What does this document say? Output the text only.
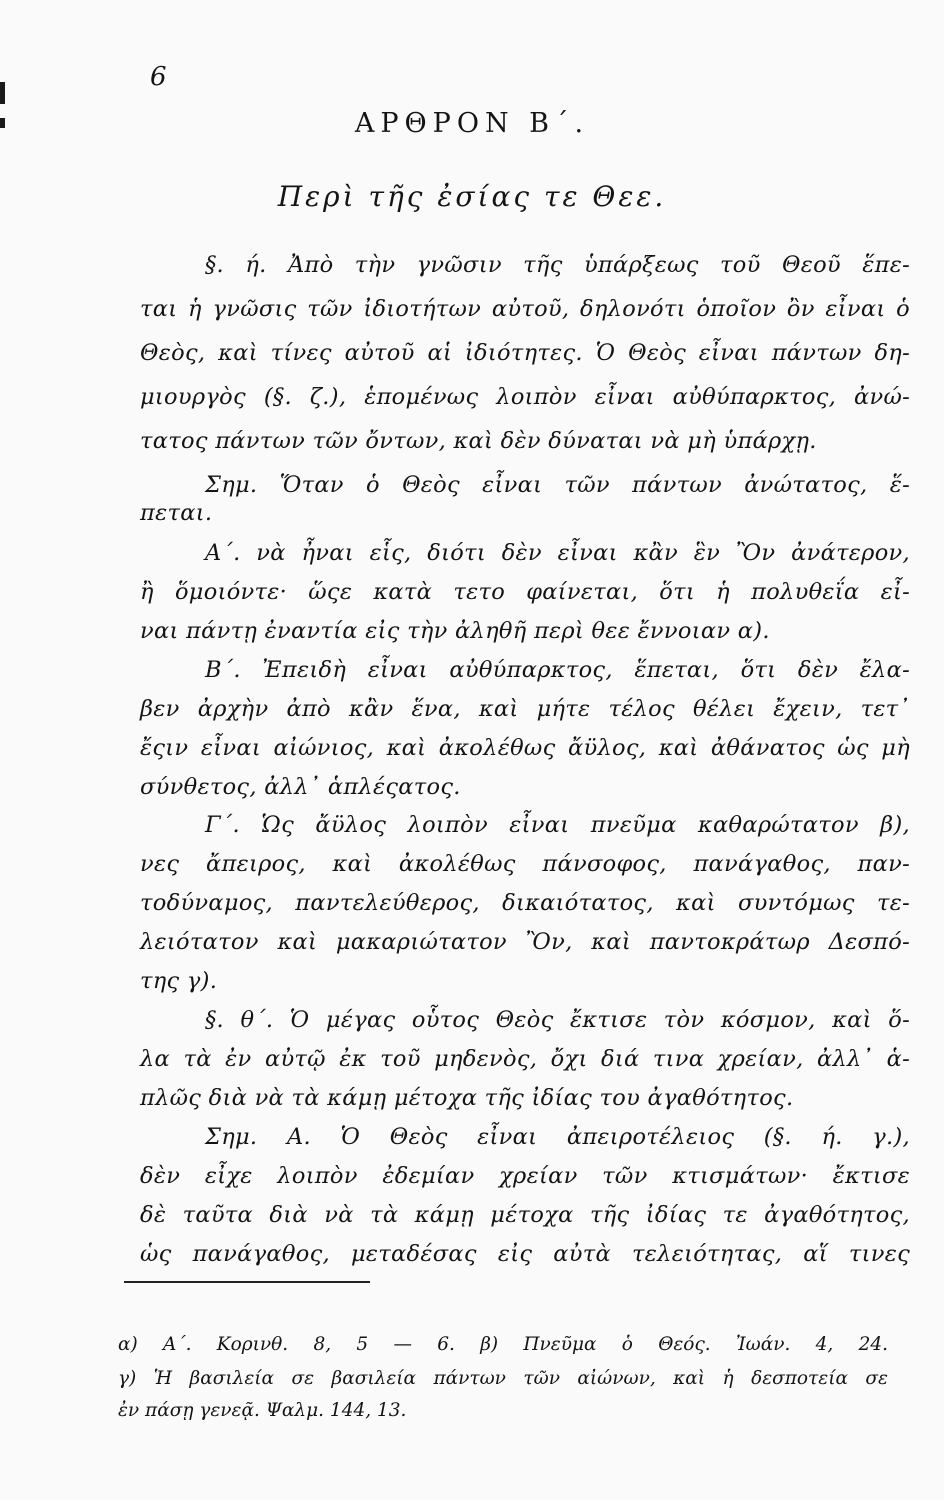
6
ΑΡΘΡΟΝ Β΄.
Περὶ τῆς ἐσίας τε Θεε.
§. ή. Ἀπὸ τὴν γνῶσιν τῆς ὑπάρξεως τοῦ Θεοῦ ἕπε-
ται ἡ γνῶσις τῶν ἰδιοτήτων αὐτοῦ, δηλονότι ὁποῖον ὂν εἶναι ὁ
Θεὸς, καὶ τίνες αὐτοῦ αἱ ἰδιότητες. Ὁ Θεὸς εἶναι πάντων δη-
μιουργὸς (§. ζ.), ἑπομένως λοιπὸν εἶναι αὐθύπαρκτος, ἀνώ-
τατος πάντων τῶν ὄντων, καὶ δὲν δύναται νὰ μὴ ὑπάρχῃ.
Σημ. Ὅταν ὁ Θεὸς εἶναι τῶν πάντων ἀνώτατος, ἕ-
πεται.
Α΄. νὰ ἦναι εἷς, διότι δὲν εἶναι κἂν ἓν Ὂν ἀνάτερον,
ἢ ὅμοιόντε· ὥςε κατὰ τετο φαίνεται, ὅτι ἡ πολυθεΐα εἶ-
ναι πάντῃ ἐναντία εἰς τὴν ἀληθῆ περὶ θεε ἔννοιαν α).
Β΄. Ἐπειδὴ εἶναι αὐθύπαρκτος, ἕπεται, ὅτι δὲν ἔλα-
βεν ἀρχὴν ἀπὸ κἂν ἕνα, καὶ μήτε τέλος θέλει ἔχειν, τετ᾽
ἔςιν εἶναι αἰώνιος, καὶ ἀκολέθως ἄϋλος, καὶ ἀθάνατος ὡς μὴ
σύνθετος, ἀλλ᾽ ἁπλέςατος.
Γ΄. Ὡς ἄϋλος λοιπὸν εἶναι πνεῦμα καθαρώτατον β),
νες ἄπειρος, καὶ ἀκολέθως πάνσοφος, πανάγαθος, παν-
τοδύναμος, παντελεύθερος, δικαιότατος, καὶ συντόμως τε-
λειότατον καὶ μακαριώτατον Ὂν, καὶ παντοκράτωρ Δεσπό-
της γ).
§. θ΄. Ὁ μέγας οὗτος Θεὸς ἔκτισε τὸν κόσμον, καὶ ὅ-
λα τὰ ἐν αὐτῷ ἐκ τοῦ μηδενὸς, ὄχι διά τινα χρείαν, ἀλλ᾽ ἁ-
πλῶς διὰ νὰ τὰ κάμῃ μέτοχα τῆς ἰδίας του ἀγαθότητος.
Σημ. Α. Ὁ Θεὸς εἶναι ἀπειροτέλειος (§. ή. γ.),
δὲν εἶχε λοιπὸν ἐδεμίαν χρείαν τῶν κτισμάτων· ἔκτισε
δὲ ταῦτα διὰ νὰ τὰ κάμῃ μέτοχα τῆς ἰδίας τε ἀγαθότητος,
ὡς πανάγαθος, μεταδέσας εἰς αὐτὰ τελειότητας, αἵ τινες
α) Α΄. Κορινθ. 8, 5 — 6. β) Πνεῦμα ὁ Θεός. Ἰωάν. 4, 24.
γ) Ἡ βασιλεία σε βασιλεία πάντων τῶν αἰώνων, καὶ ἡ δεσποτεία σε
ἐν πάσῃ γενεᾷ. Ψαλμ. 144, 13.
